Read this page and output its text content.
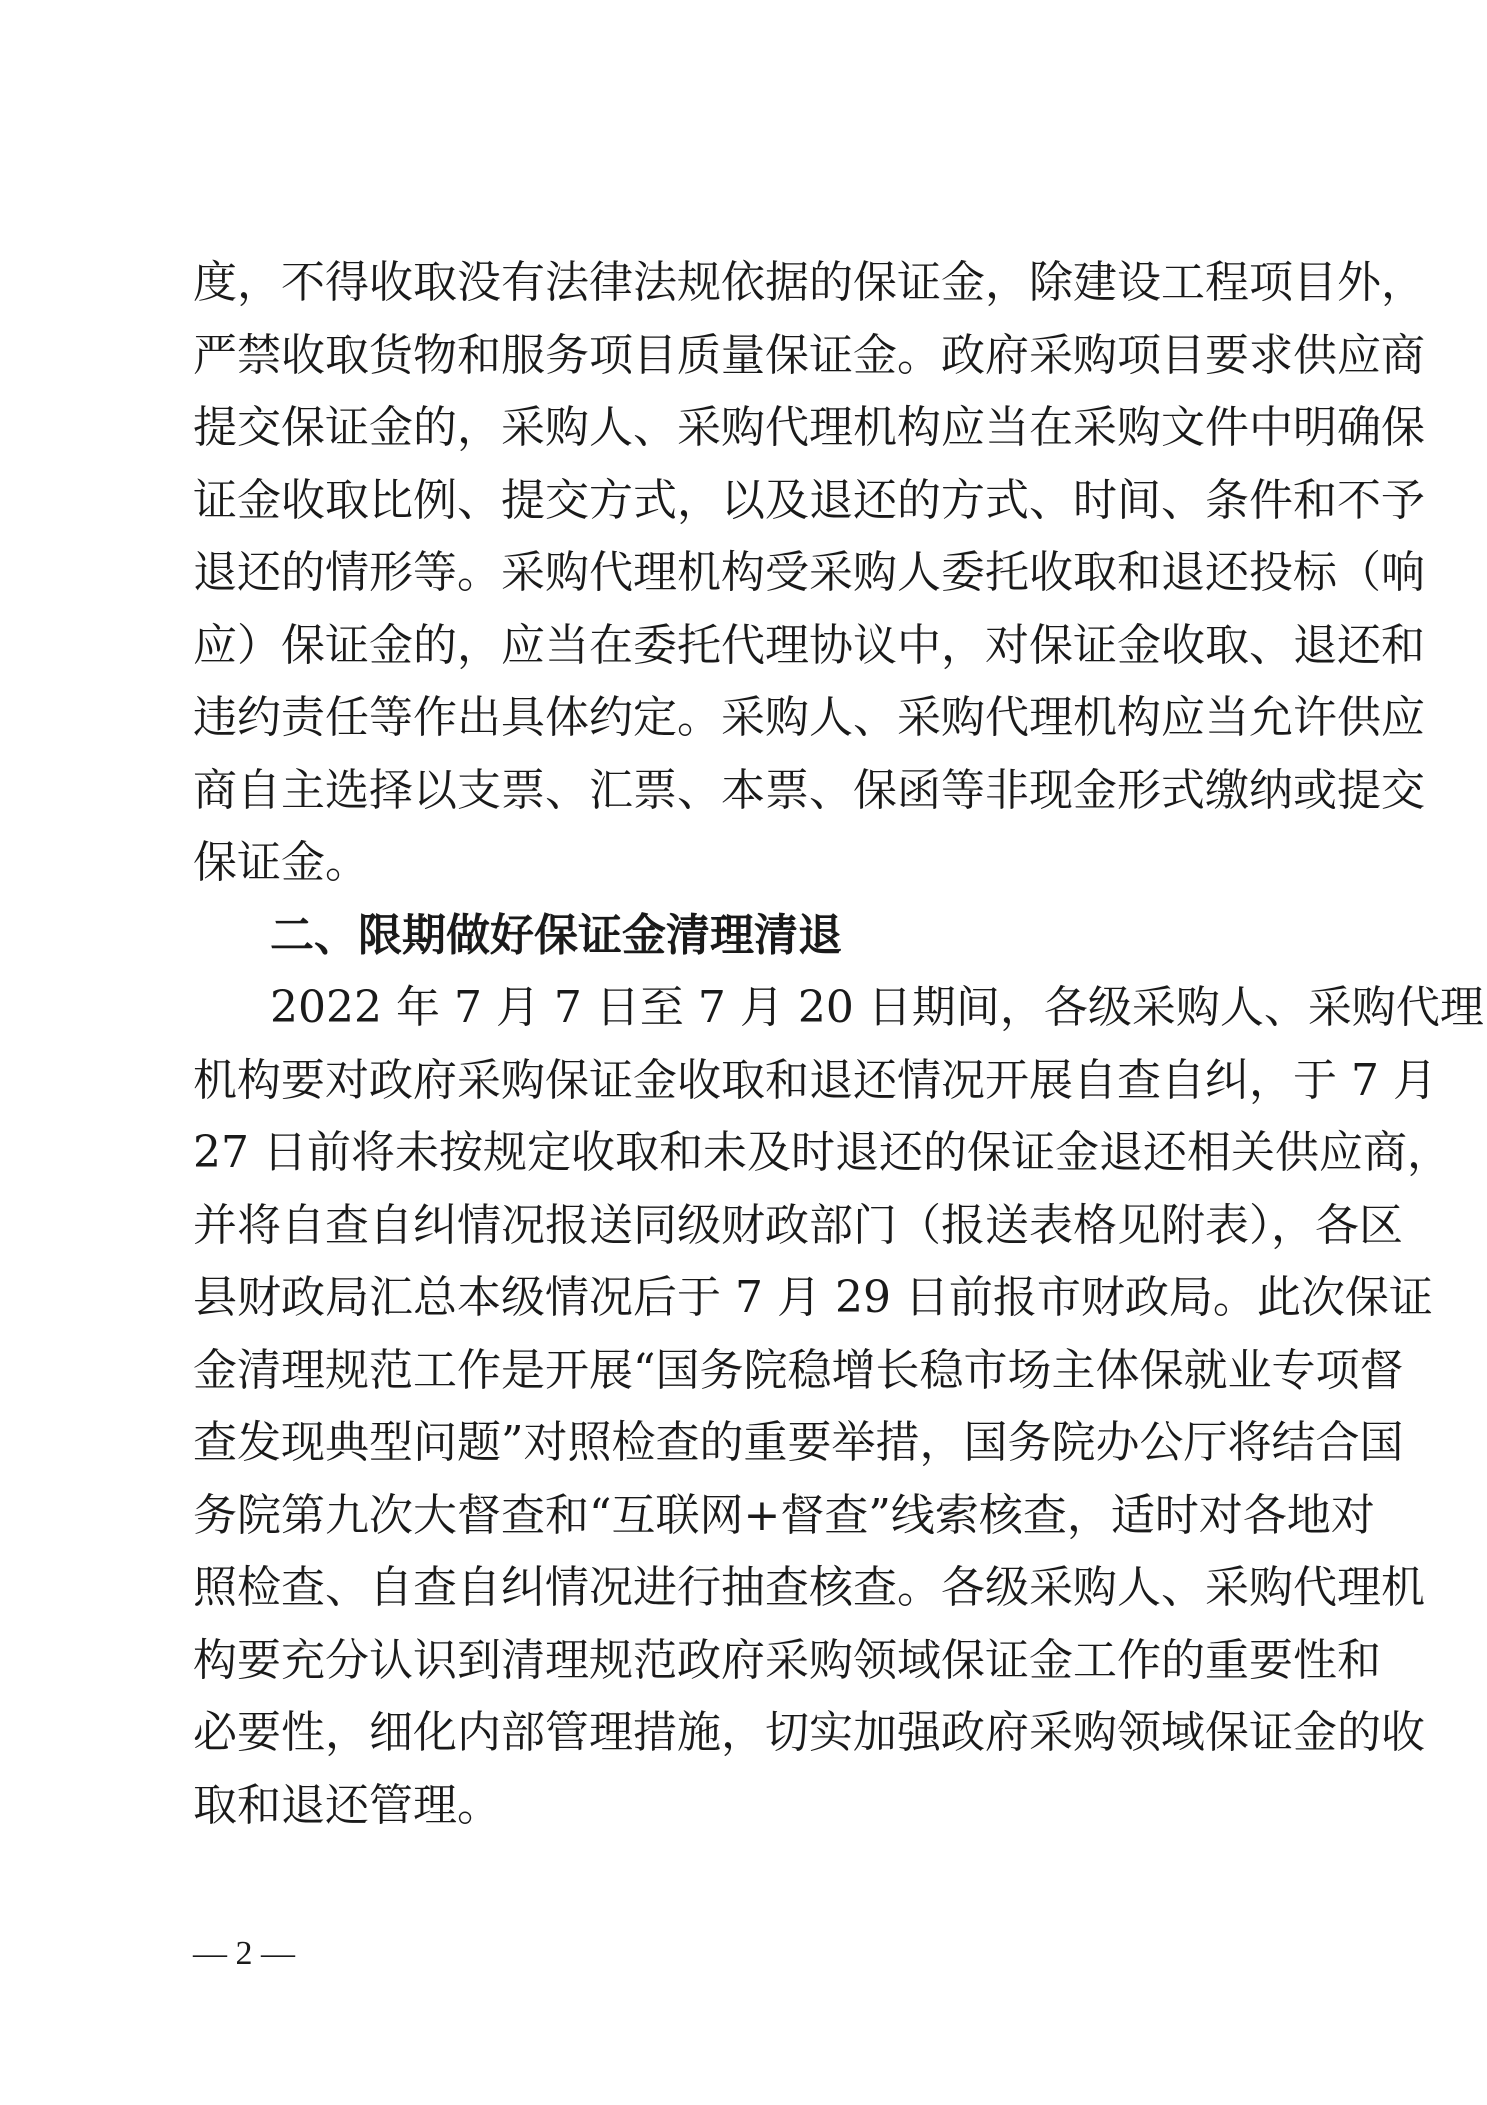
度，不得收取没有法律法规依据的保证金，除建设工程项目外，
严禁收取货物和服务项目质量保证金。政府采购项目要求供应商
提交保证金的，采购人、采购代理机构应当在采购文件中明确保
证金收取比例、提交方式，以及退还的方式、时间、条件和不予
退还的情形等。采购代理机构受采购人委托收取和退还投标（响
应）保证金的，应当在委托代理协议中，对保证金收取、退还和
违约责任等作出具体约定。采购人、采购代理机构应当允许供应
商自主选择以支票、汇票、本票、保函等非现金形式缴纳或提交
保证金。
二、限期做好保证金清理清退
2022 年 7 月 7 日至 7 月 20 日期间，各级采购人、采购代理
机构要对政府采购保证金收取和退还情况开展自查自纠，于 7 月
27 日前将未按规定收取和未及时退还的保证金退还相关供应商，
并将自查自纠情况报送同级财政部门（报送表格见附表），各区
县财政局汇总本级情况后于 7 月 29 日前报市财政局。此次保证
金清理规范工作是开展“国务院稳增长稳市场主体保就业专项督
查发现典型问题”对照检查的重要举措，国务院办公厅将结合国
务院第九次大督查和“互联网+督查”线索核查，适时对各地对
照检查、自查自纠情况进行抽查核查。各级采购人、采购代理机
构要充分认识到清理规范政府采购领域保证金工作的重要性和
必要性，细化内部管理措施，切实加强政府采购领域保证金的收
取和退还管理。
— 2 —
